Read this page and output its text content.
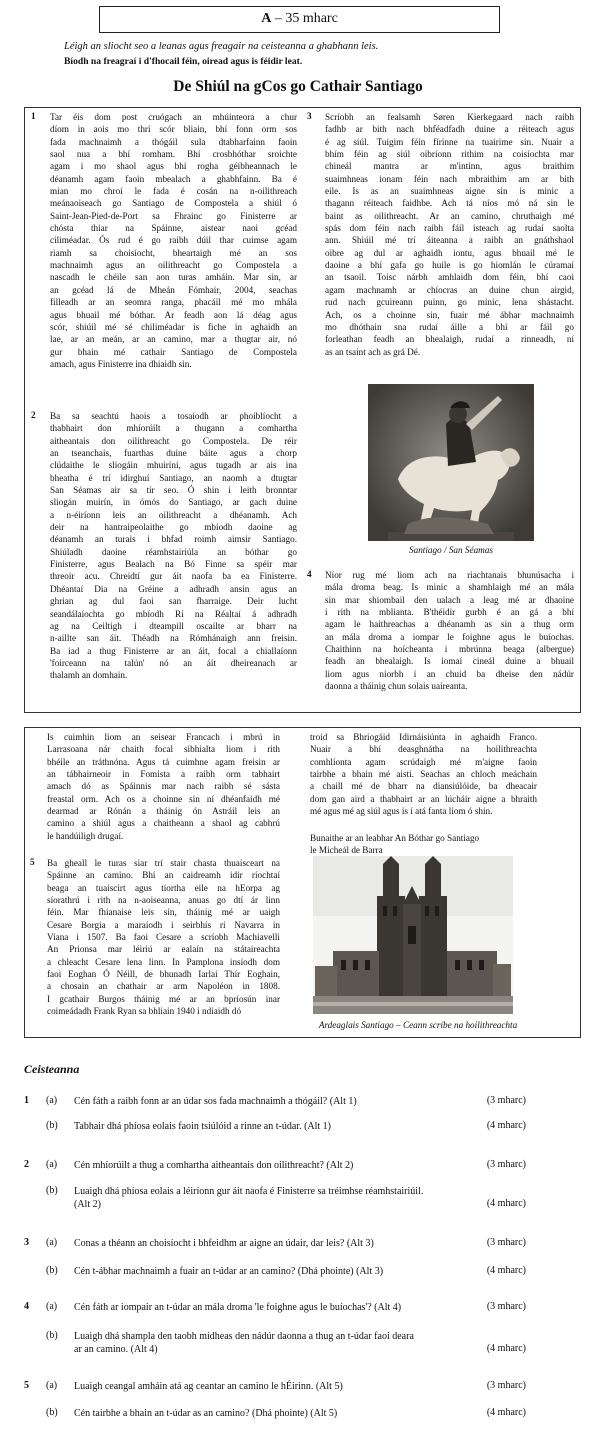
A – 35 mharc
Léigh an sliocht seo a leanas agus freagair na ceisteanna a ghabhann leis.
Bíodh na freagraí i d'fhocail féin, oiread agus is féidir leat.
De Shiúl na gCos go Cathair Santiago
1 Tar éis dom post cruógach an mhúinteora a chur
díom in aois mo thrí scór bliain, bhí fonn orm sos
fada machnaimh a thógáil sula dtabharfainn faoin
saol nua a bhí romham. Bhí crosbhóthar sroichte
agam i mo shaol agus bhí rogha géibheannach le
déanamh agam faoin mbealach a ghabhfainn. Ba é
mian mo chroí le fada é cosán na n-oilithreach
meánaoiseach go Santiago de Compostela a shiúl ó
Saint-Jean-Pied-de-Port sa Fhrainc go Finisterre ar
chósta thiar na Spáinne, aistear naoi gcéad
ciliméadar. Ós rud é go raibh dúil thar cuimse agam
riamh sa choisíocht, bheartaigh mé an sos
machnaimh agus an oilithreacht go Compostela a
nascadh le chéile san aon turas amháin. Mar sin, ar
an gcéad lá de Mheán Fómhair, 2004, seachas
filleadh ar an seomra ranga, phacáil mé mo mhála
agus bhuail mé bóthar. Ar feadh aon lá déag agus
scór, shiúil mé sé chiliméadar is fiche in aghaidh an
lae, ar an meán, ar an camino, mar a thugtar air, nó
gur bhain mé cathair Santiago de Compostela
amach, agus Finisterre ina dhiaidh sin.
2 Ba sa seachtú haois a tosaíodh ar phoiblíocht a
thabhairt don mhíorúilt a thugann a comhartha
aitheantais don oilithreacht go Compostela. De réir
an tseanchais, fuarthas duine báite agus a chorp
clúdaithe le sliogáin mhuiríní, agus tugadh ar ais ina
bheatha é trí idirghuí Santiago, an naomh a dtugtar
San Séamas air sa tír seo. Ó shin i leith bronntar
sliogán muirín, in ómós do Santiago, ar gach duine
a n-éiríonn leis an oilithreacht a dhéanamh. Ach
deir na hantraipeolaithe go mbíodh daoine ag
déanamh an turais i bhfad roimh aimsir Santiago.
Shiúladh daoine réamhstairiúla an bóthar go
Finisterre, agus Bealach na Bó Finne sa spéir mar
threoir acu. Chreidtí gur áit naofa ba ea Finisterre.
Dhéantaí Dia na Gréine a adhradh ansin agus an
ghrian ag dul faoi san fharraige. Deir lucht
seandálaíochta go mbíodh Rí na Réaltaí á adhradh
ag na Ceiltigh i dteampill oscailte ar bharr na
n-aillte san áit. Théadh na Rómhánaigh ann freisin.
Ba iad a thug Finisterre ar an áit, focal a chiallaíonn
'foirceann na talún' nó an áit dheireanach ar
thalamh an domhain.
3 Scríobh an fealsamh Søren Kierkegaard nach raibh
fadhb ar bith nach bhféadfadh duine a réiteach agus
é ag siúl. Tuigim féin fírinne na tuairime sin. Nuair a
bhím féin ag siúl oibríonn rithim na coisíochta mar
chineál mantra ar m'intinn, agus braithim
suaimhneas ionam féin nach mbraithim am ar bith
eile. Is as an suaimhneas aigne sin is minic a
thagann réiteach faidhbe. Ach tá níos mó ná sin le
baint as oilithreacht. Ar an camino, chruthaigh mé
spás dom féin nach raibh fáil isteach ag rudaí saolta
ann. Shiúil mé trí áiteanna a raibh an gnáthshaol
oibre ag dul ar aghaidh iontu, agus bhuail mé le
daoine a bhí gafa go huile is go hiomlán le cúramaí
an tsaoil. Toisc nárbh amhlaidh dom féin, bhí caoi
agam machnamh ar chíocras an duine chun airgid,
rud nach gcuireann puinn, go minic, lena shástacht.
Ach, os a choinne sin, fuair mé ábhar machnaimh
mo dhóthain sna rudaí áille a bhí ar fáil go
forleathan feadh an bhealaigh, rudaí a rinneadh, ní
as an tsaint ach as grá Dé.
Santiago / San Séamas
4 Níor rug mé liom ach na riachtanais bhunúsacha i
mála droma beag. Is minic a shamhlaigh mé an mála
sin mar shiombail den ualach a leag mé ar dhaoine
i rith na mblianta. B'théidir gurbh é an gá a bhí
agam le haithreachas a dhéanamh as sin a thug orm
an mála droma a iompar le foighne agus le buíochas.
Chaithinn na hoícheanta i mbrúnna beaga (albergue)
feadh an bhealaigh. Is iomaí cineál duine a bhuail
liom agus níorbh í an chuid ba dheise den nádúr
daonna a tháinig chun solais uaireanta.
Is cuimhin liom an seisear Francach i mbrú in
Larrasoana nár chaith focal sibhialta liom i rith
bhéile an tráthnóna. Agus tá cuimhne agam freisin ar
an tábhairneoir in Fomista a raibh orm tabhairt
amach dó as Spáinnis mar nach raibh sé sásta
freastal orm. Ach os a choinne sin ní dhéanfaidh mé
dearmad ar Rónán a tháinig ón Astráil leis an
camino a shiúl agus a chaitheann a shaol ag cabhrú
le handúiligh drugaí.
5 Ba gheall le turas siar trí stair chasta thuaisceart na
Spáinne an camino. Bhí an caidreamh idir ríochtaí
beaga an tuaiscirt agus tíortha eile na hEorpa ag
síorathrú i rith na n-aoiseanna, anuas go dtí ár linn
féin. Mar fhianaise leis sin, tháinig mé ar uaigh
Cesare Borgia a maraíodh i seirbhís rí Navarra in
Viana i 1507. Ba faoi Cesare a scríobh Machiavelli
An Prionsa mar léiriú ar ealaín na státaireachta
a chleacht Cesare lena linn. In Pamplona insíodh dom
faoi Eoghan Ó Néill, de bhunadh Iarlaí Thír Eoghain,
a chosain an chathair ar arm Napoléon in 1808.
I gcathair Burgos tháinig mé ar an bpríosún inar
coimeádadh Frank Ryan sa bhliain 1940 i ndiaidh dó
troid sa Bhriogáid Idirnáisiúnta in aghaidh Franco.
Nuair a bhí deasghnátha na hoilithreachta
comhlíonta agam scrúdaigh mé m'aigne faoin
tairbhe a bhain mé aisti. Seachas an chloch meáchain
a chaill mé de bharr na diansiúlóide, ba dheacair
dom gan aird a thabhairt ar an lúcháir aigne a bhraith
mé agus mé ag siúl agus is í atá fanta liom ó shin.
Bunaithe ar an leabhar An Bóthar go Santiago
le Micheál de Barra
Ardeaglais Santiago – Ceann scríbe na hoilithreachta
Ceisteanna
1 (a) Cén fáth a raibh fonn ar an údar sos fada machnaimh a thógáil? (Alt 1)	(3 mharc)
(b) Tabhair dhá phíosa eolais faoin tsiúlóid a rinne an t-údar. (Alt 1)	(4 mharc)
2 (a) Cén mhíorúilt a thug a comhartha aitheantais don oilithreacht? (Alt 2)	(3 mharc)
(b) Luaigh dhá phíosa eolais a léiríonn gur áit naofa é Finisterre sa tréimhse réamhstairiúil.
(Alt 2)	(4 mharc)
3 (a) Conas a théann an choisíocht i bhfeidhm ar aigne an údair, dar leis? (Alt 3)	(3 mharc)
(b) Cén t-ábhar machnaimh a fuair an t-údar ar an camino? (Dhá phointe) (Alt 3)	(4 mharc)
4 (a) Cén fáth ar iompair an t-údar an mála droma 'le foighne agus le buíochas'? (Alt 4)	(3 mharc)
(b) Luaigh dhá shampla den taobh mídheas den nádúr daonna a thug an t-údar faoi deara
ar an camino. (Alt 4)	(4 mharc)
5 (a) Luaigh ceangal amháin atá ag ceantar an camino le hÉirinn. (Alt 5)	(3 mharc)
(b) Cén tairbhe a bhain an t-údar as an camino? (Dhá phointe) (Alt 5)	(4 mharc)
